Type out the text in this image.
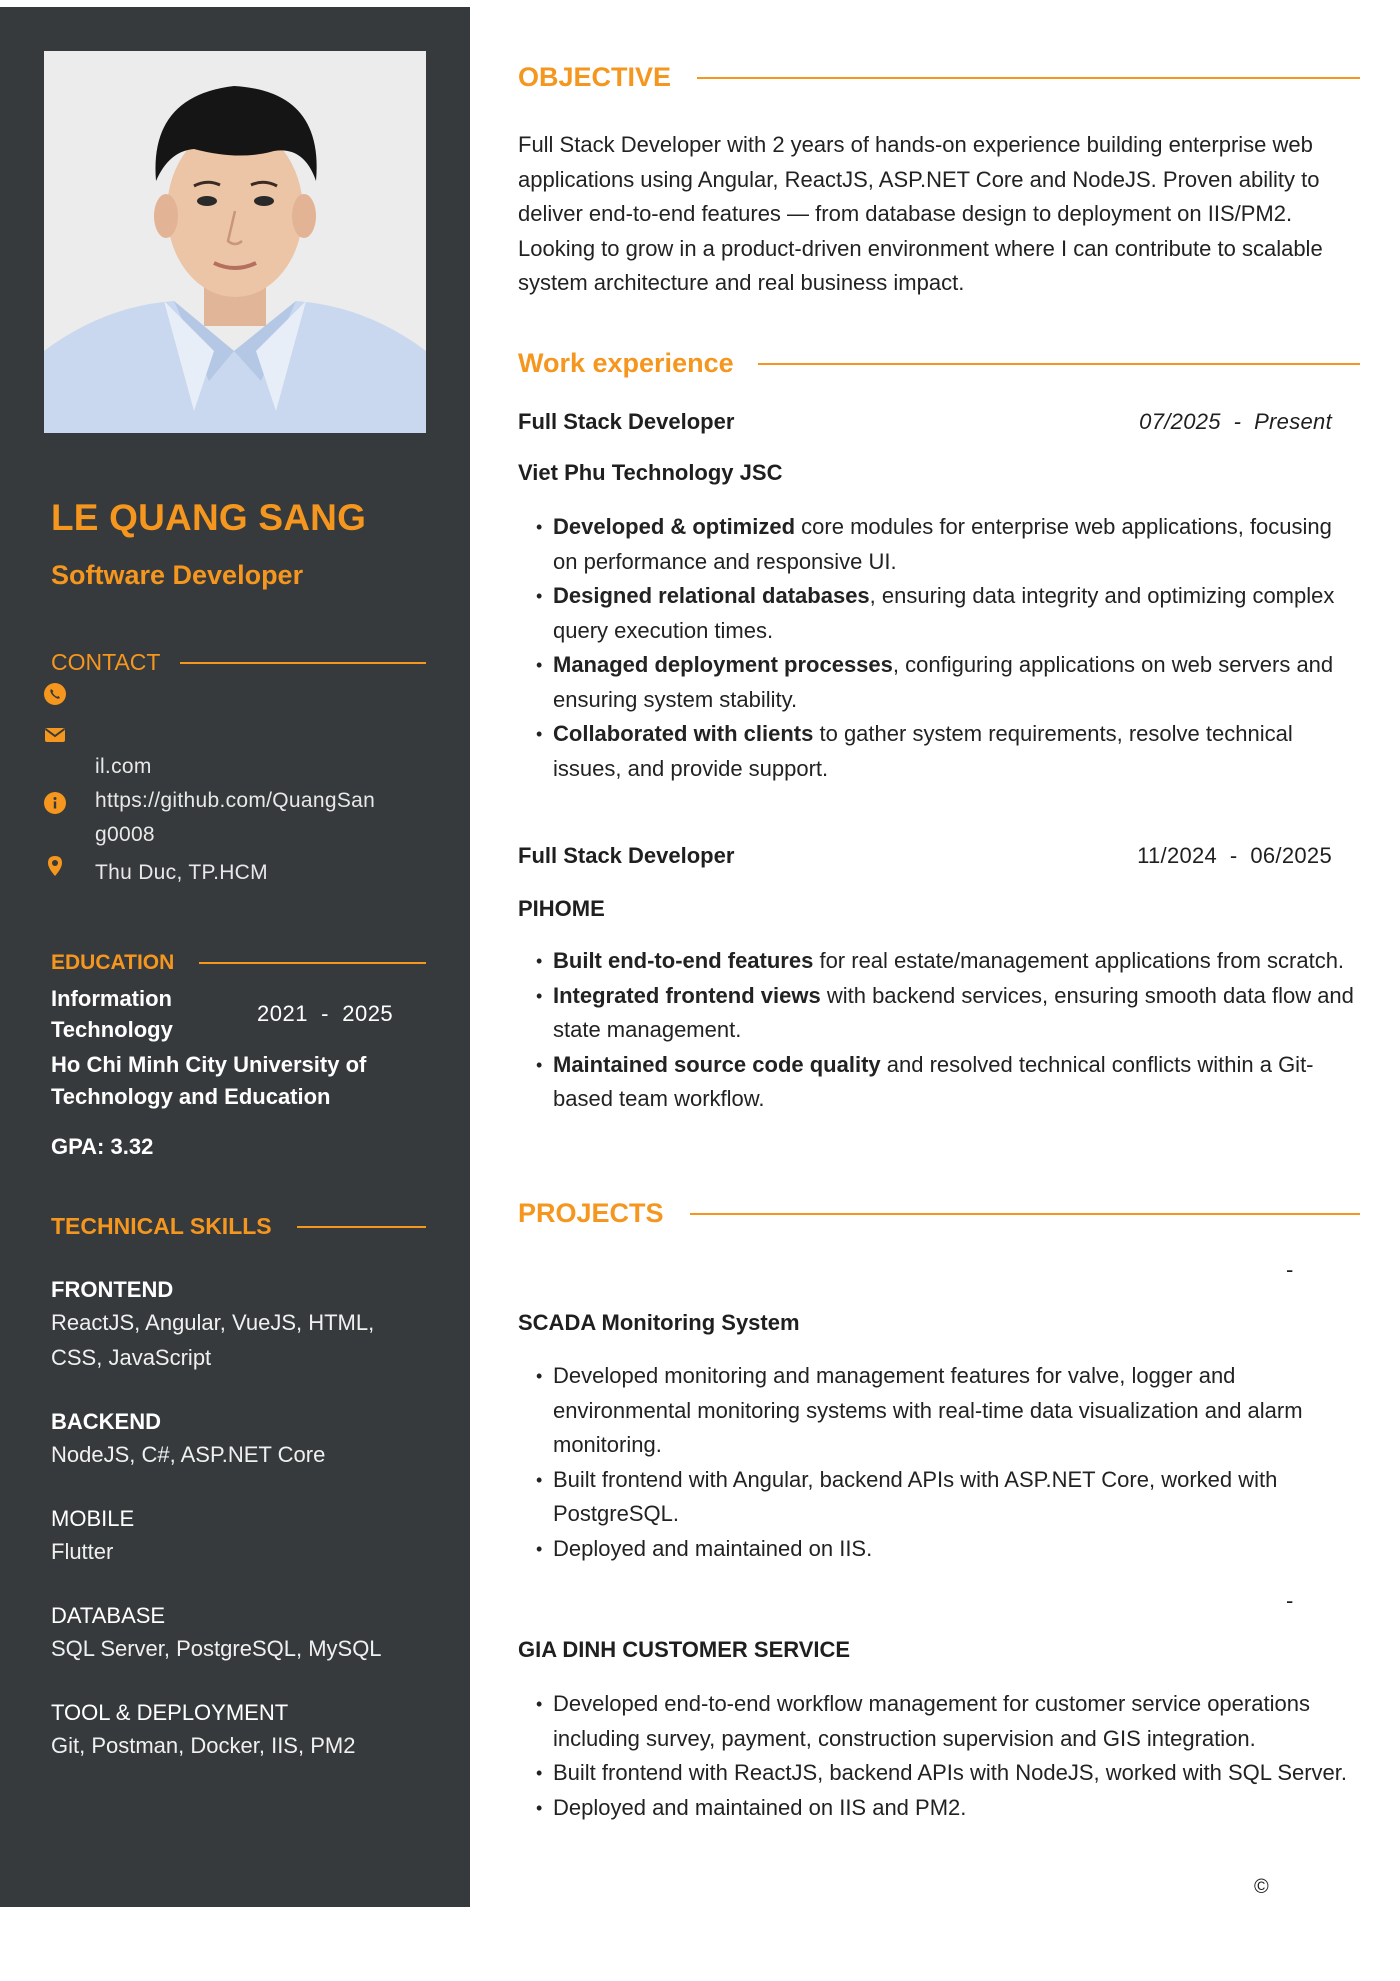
LE QUANG SANG
Software Developer
CONTACT
il.com
https://github.com/QuangSan
g0008
Thu Duc, TP.HCM
EDUCATION
Information Technology
2021  -  2025
Ho Chi Minh City University of Technology and Education
GPA: 3.32
TECHNICAL SKILLS
FRONTEND
ReactJS, Angular, VueJS, HTML, CSS, JavaScript
BACKEND
NodeJS, C#, ASP.NET Core
MOBILE
Flutter
DATABASE
SQL Server, PostgreSQL, MySQL
TOOL & DEPLOYMENT
Git, Postman, Docker, IIS, PM2
OBJECTIVE
Full Stack Developer with 2 years of hands-on experience building enterprise web applications using Angular, ReactJS, ASP.NET Core and NodeJS. Proven ability to deliver end-to-end features — from database design to deployment on IIS/PM2. Looking to grow in a product-driven environment where I can contribute to scalable system architecture and real business impact.
Work experience
Full Stack Developer	07/2025  -  Present
Viet Phu Technology JSC
• Developed & optimized core modules for enterprise web applications, focusing on performance and responsive UI.
• Designed relational databases, ensuring data integrity and optimizing complex query execution times.
• Managed deployment processes, configuring applications on web servers and ensuring system stability.
• Collaborated with clients to gather system requirements, resolve technical issues, and provide support.
Full Stack Developer	11/2024  -  06/2025
PIHOME
• Built end-to-end features for real estate/management applications from scratch.
• Integrated frontend views with backend services, ensuring smooth data flow and state management.
• Maintained source code quality and resolved technical conflicts within a Git-based team workflow.
PROJECTS
-
SCADA Monitoring System
• Developed monitoring and management features for valve, logger and environmental monitoring systems with real-time data visualization and alarm monitoring.
• Built frontend with Angular, backend APIs with ASP.NET Core, worked with PostgreSQL.
• Deployed and maintained on IIS.
-
GIA DINH CUSTOMER SERVICE
• Developed end-to-end workflow management for customer service operations including survey, payment, construction supervision and GIS integration.
• Built frontend with ReactJS, backend APIs with NodeJS, worked with SQL Server.
• Deployed and maintained on IIS and PM2.
©
